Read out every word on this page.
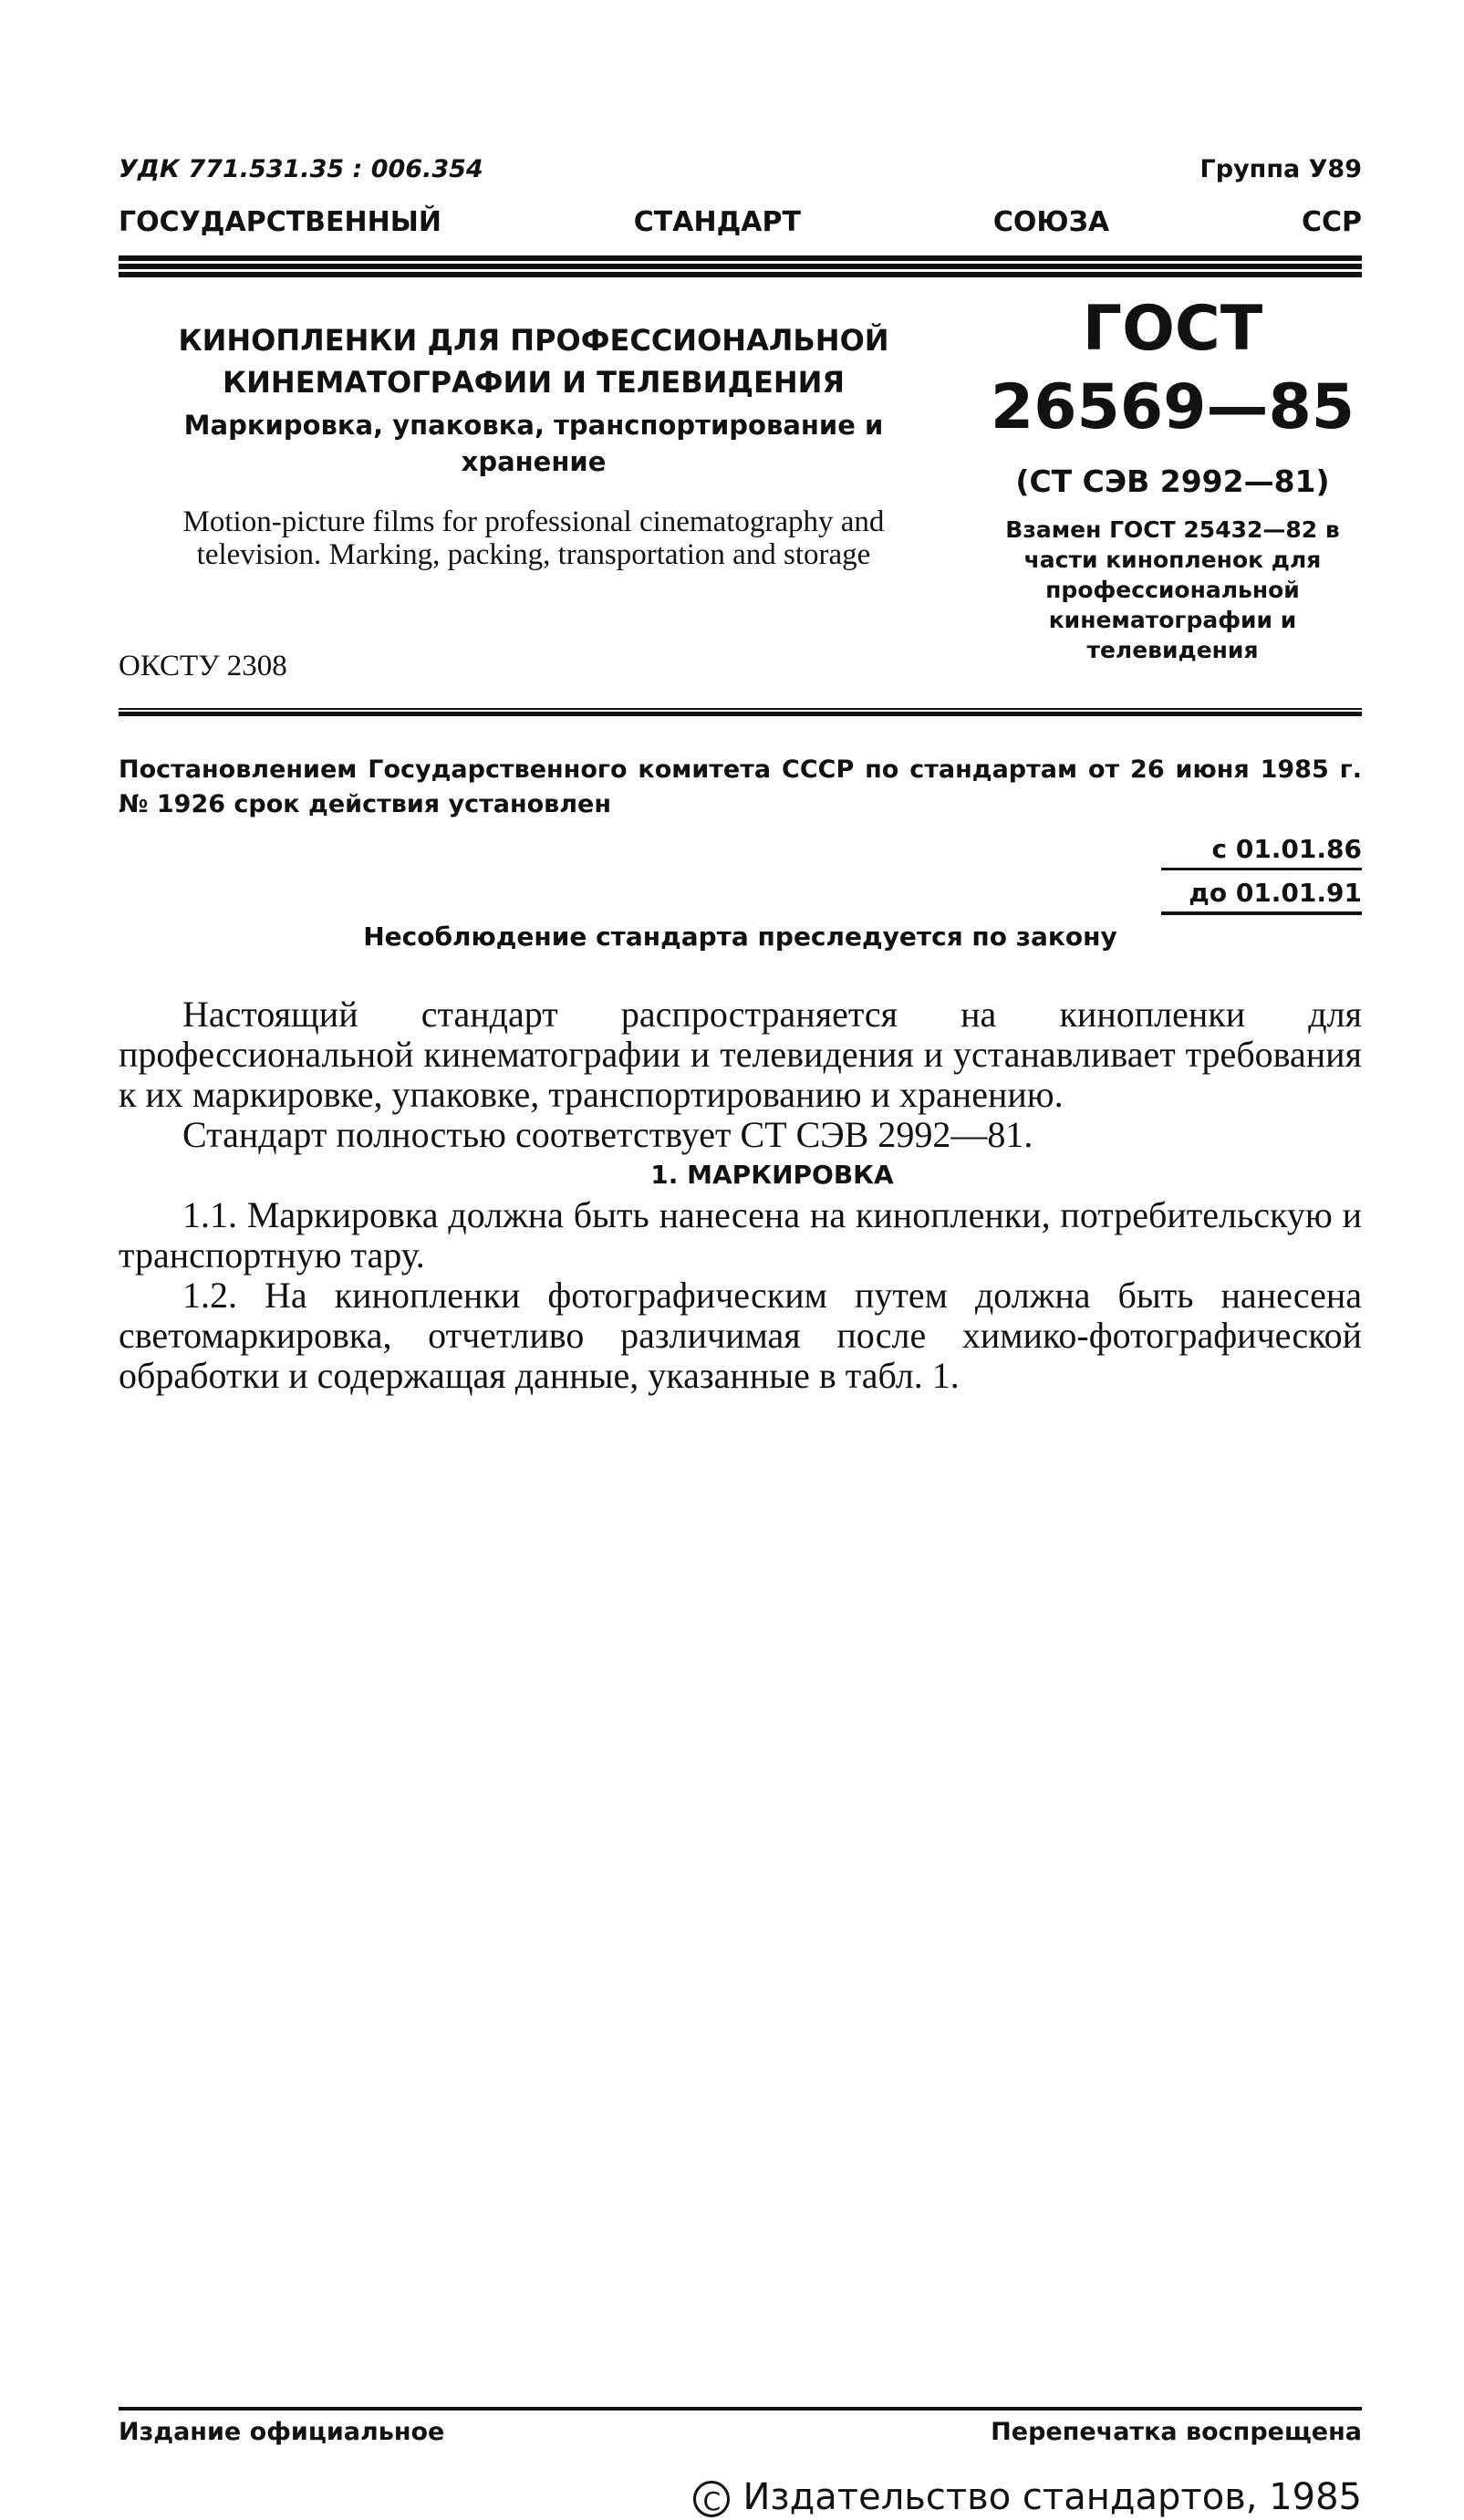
УДК 771.531.35 : 006.354	Группа У89
ГОСУДАРСТВЕННЫЙ	СТАНДАРТ	СОЮЗА	ССР

КИНОПЛЕНКИ ДЛЯ ПРОФЕССИОНАЛЬНОЙ КИНЕМАТОГРАФИИ И ТЕЛЕВИДЕНИЯ

Маркировка, упаковка, транспортирование и хранение

Motion-picture films for professional cinematography and television. Marking, packing, transportation and storage

ОКСТУ 2308

ГОСТ

26569—85

(СТ СЭВ 2992—81)

Взамен ГОСТ 25432—82 в части кинопленок для профессиональной кинематографии и телевидения

Постановлением Государственного комитета СССР по стандартам от 26 июня 1985 г. № 1926 срок действия установлен
с 01.01.86
до 01.01.91
Несоблюдение стандарта преследуется по закону

Настоящий стандарт распространяется на кинопленки для профессиональной кинематографии и телевидения и устанавливает требования к их маркировке, упаковке, транспортированию и хранению.

Стандарт полностью соответствует СТ СЭВ 2992—81.

1. МАРКИРОВКА

1.1. Маркировка должна быть нанесена на кинопленки, потребительскую и транспортную тару.

1.2. На кинопленки фотографическим путем должна быть нанесена светомаркировка, отчетливо различимая после химико-фотографической обработки и содержащая данные, указанные в табл. 1.

Издание официальное	Перепечатка воспрещена
C Издательство стандартов, 1985
